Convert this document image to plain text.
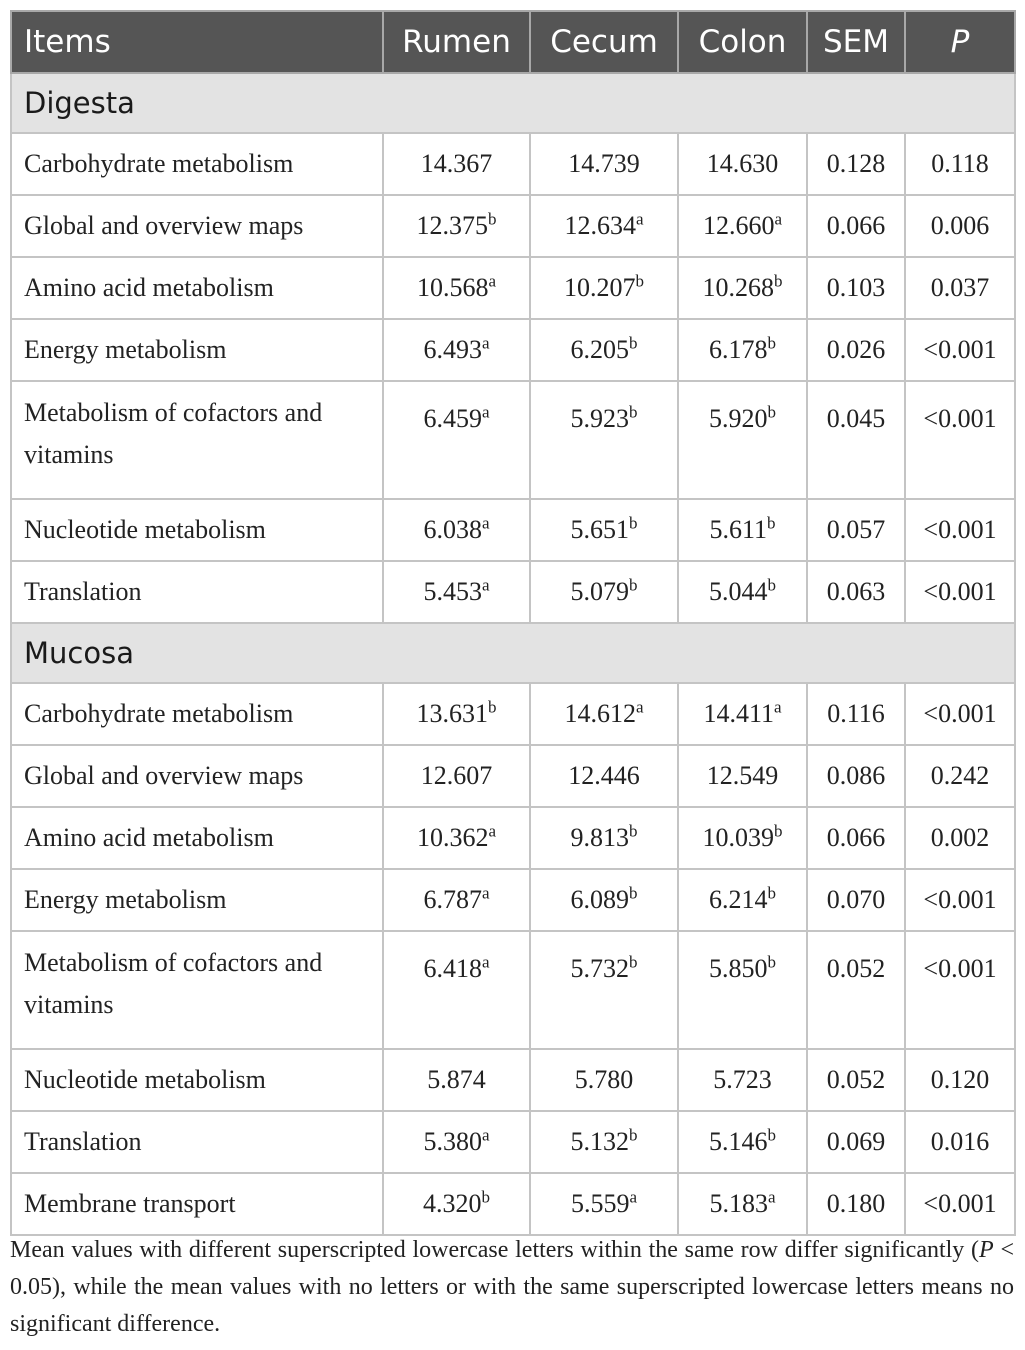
Items	Rumen	Cecum	Colon	SEM	P
Digesta					
Carbohydrate metabolism	14.367	14.739	14.630	0.128	0.118
Global and overview maps	12.375$^b$	12.634$^a$	12.660$^a$	0.066	0.006
Amino acid metabolism	10.568$^a$	10.207$^b$	10.268$^b$	0.103	0.037
Energy metabolism	6.493$^a$	6.205$^b$	6.178$^b$	0.026	<0.001
Metabolism of cofactors and vitamins	6.459$^a$	5.923$^b$	5.920$^b$	0.045	<0.001
Nucleotide metabolism	6.038$^a$	5.651$^b$	5.611$^b$	0.057	<0.001
Translation	5.453$^a$	5.079$^b$	5.044$^b$	0.063	<0.001
Mucosa					
Carbohydrate metabolism	13.631$^b$	14.612$^a$	14.411$^a$	0.116	<0.001
Global and overview maps	12.607	12.446	12.549	0.086	0.242
Amino acid metabolism	10.362$^a$	9.813$^b$	10.039$^b$	0.066	0.002
Energy metabolism	6.787$^a$	6.089$^b$	6.214$^b$	0.070	<0.001
Metabolism of cofactors and vitamins	6.418$^a$	5.732$^b$	5.850$^b$	0.052	<0.001
Nucleotide metabolism	5.874	5.780	5.723	0.052	0.120
Translation	5.380$^a$	5.132$^b$	5.146$^b$	0.069	0.016
Membrane transport	4.320$^b$	5.559$^a$	5.183$^a$	0.180	<0.001
Mean values with different superscripted lowercase letters within the same row differ significantly (P < 0.05), while the mean values with no letters or with the same superscripted lowercase letters means no significant difference.
